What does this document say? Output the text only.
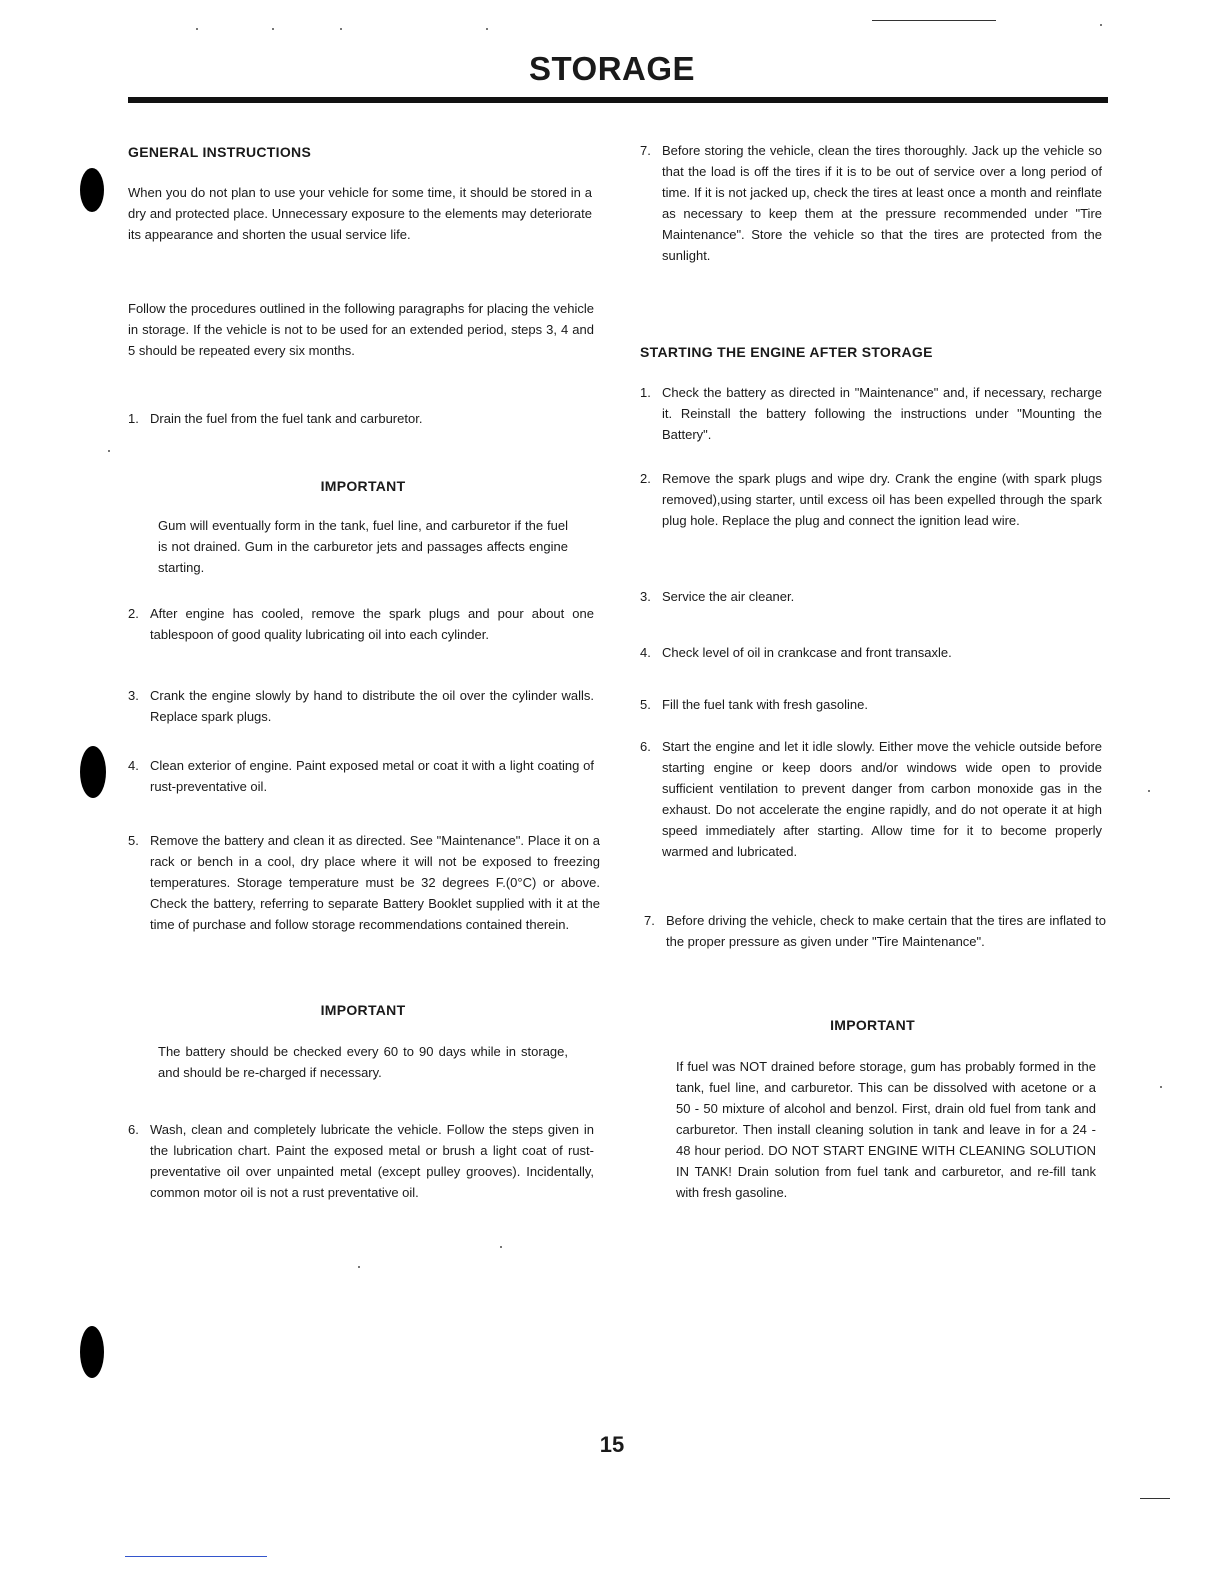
STORAGE
GENERAL INSTRUCTIONS
When you do not plan to use your vehicle for some time, it should be stored in a dry and protected place. Unnecessary exposure to the elements may deteriorate its appearance and shorten the usual service life.
Follow the procedures outlined in the following paragraphs for placing the vehicle in storage. If the vehicle is not to be used for an extended period, steps 3, 4 and 5 should be repeated every six months.
1. Drain the fuel from the fuel tank and carburetor.
IMPORTANT
Gum will eventually form in the tank, fuel line, and carburetor if the fuel is not drained. Gum in the carburetor jets and passages affects engine starting.
2. After engine has cooled, remove the spark plugs and pour about one tablespoon of good quality lubricating oil into each cylinder.
3. Crank the engine slowly by hand to distribute the oil over the cylinder walls. Replace spark plugs.
4. Clean exterior of engine. Paint exposed metal or coat it with a light coating of rust-preventative oil.
5. Remove the battery and clean it as directed. See "Maintenance". Place it on a rack or bench in a cool, dry place where it will not be exposed to freezing temperatures. Storage temperature must be 32 degrees F.(0°C) or above. Check the battery, referring to separate Battery Booklet supplied with it at the time of purchase and follow storage recommendations contained therein.
IMPORTANT
The battery should be checked every 60 to 90 days while in storage, and should be re-charged if necessary.
6. Wash, clean and completely lubricate the vehicle. Follow the steps given in the lubrication chart. Paint the exposed metal or brush a light coat of rust-preventative oil over unpainted metal (except pulley grooves). Incidentally, common motor oil is not a rust preventative oil.
7. Before storing the vehicle, clean the tires thoroughly. Jack up the vehicle so that the load is off the tires if it is to be out of service over a long period of time. If it is not jacked up, check the tires at least once a month and reinflate as necessary to keep them at the pressure recommended under "Tire Maintenance". Store the vehicle so that the tires are protected from the sunlight.
STARTING THE ENGINE AFTER STORAGE
1. Check the battery as directed in "Maintenance" and, if necessary, recharge it. Reinstall the battery following the instructions under "Mounting the Battery".
2. Remove the spark plugs and wipe dry. Crank the engine (with spark plugs removed),using starter, until excess oil has been expelled through the spark plug hole. Replace the plug and connect the ignition lead wire.
3. Service the air cleaner.
4. Check level of oil in crankcase and front transaxle.
5. Fill the fuel tank with fresh gasoline.
6. Start the engine and let it idle slowly. Either move the vehicle outside before starting engine or keep doors and/or windows wide open to provide sufficient ventilation to prevent danger from carbon monoxide gas in the exhaust. Do not accelerate the engine rapidly, and do not operate it at high speed immediately after starting. Allow time for it to become properly warmed and lubricated.
7. Before driving the vehicle, check to make certain that the tires are inflated to the proper pressure as given under "Tire Maintenance".
IMPORTANT
If fuel was NOT drained before storage, gum has probably formed in the tank, fuel line, and carburetor. This can be dissolved with acetone or a 50 - 50 mixture of alcohol and benzol. First, drain old fuel from tank and carburetor. Then install cleaning solution in tank and leave in for a 24 - 48 hour period. DO NOT START ENGINE WITH CLEANING SOLUTION IN TANK! Drain solution from fuel tank and carburetor, and re-fill tank with fresh gasoline.
15
